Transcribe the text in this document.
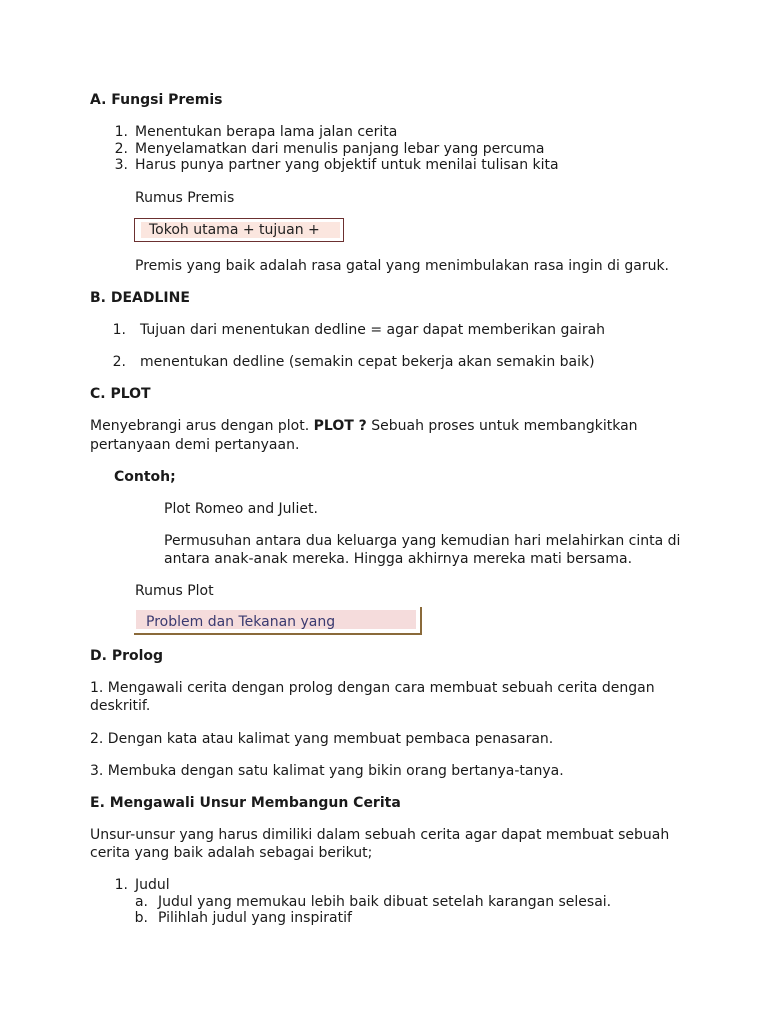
A. Fungsi Premis
1. Menentukan berapa lama jalan cerita
2. Menyelamatkan dari menulis panjang lebar yang percuma
3. Harus punya partner yang objektif untuk menilai tulisan kita
Rumus Premis
Tokoh utama + tujuan +
Premis yang baik adalah rasa gatal yang menimbulakan rasa ingin di garuk.
B. DEADLINE
1. Tujuan dari menentukan dedline = agar dapat memberikan gairah
2. menentukan dedline (semakin cepat bekerja akan semakin baik)
C. PLOT
Menyebrangi arus dengan plot. PLOT ? Sebuah proses untuk membangkitkan
pertanyaan demi pertanyaan.
Contoh;
Plot Romeo and Juliet.
Permusuhan antara dua keluarga yang kemudian hari melahirkan cinta di
antara anak-anak mereka. Hingga akhirnya mereka mati bersama.
Rumus Plot
Problem dan Tekanan yang
D. Prolog
1. Mengawali cerita dengan prolog dengan cara membuat sebuah cerita dengan
deskritif.
2. Dengan kata atau kalimat yang membuat pembaca penasaran.
3. Membuka dengan satu kalimat yang bikin orang bertanya-tanya.
E. Mengawali Unsur Membangun Cerita
Unsur-unsur yang harus dimiliki dalam sebuah cerita agar dapat membuat sebuah
cerita yang baik adalah sebagai berikut;
1. Judul
a. Judul yang memukau lebih baik dibuat setelah karangan selesai.
b. Pilihlah judul yang inspiratif
